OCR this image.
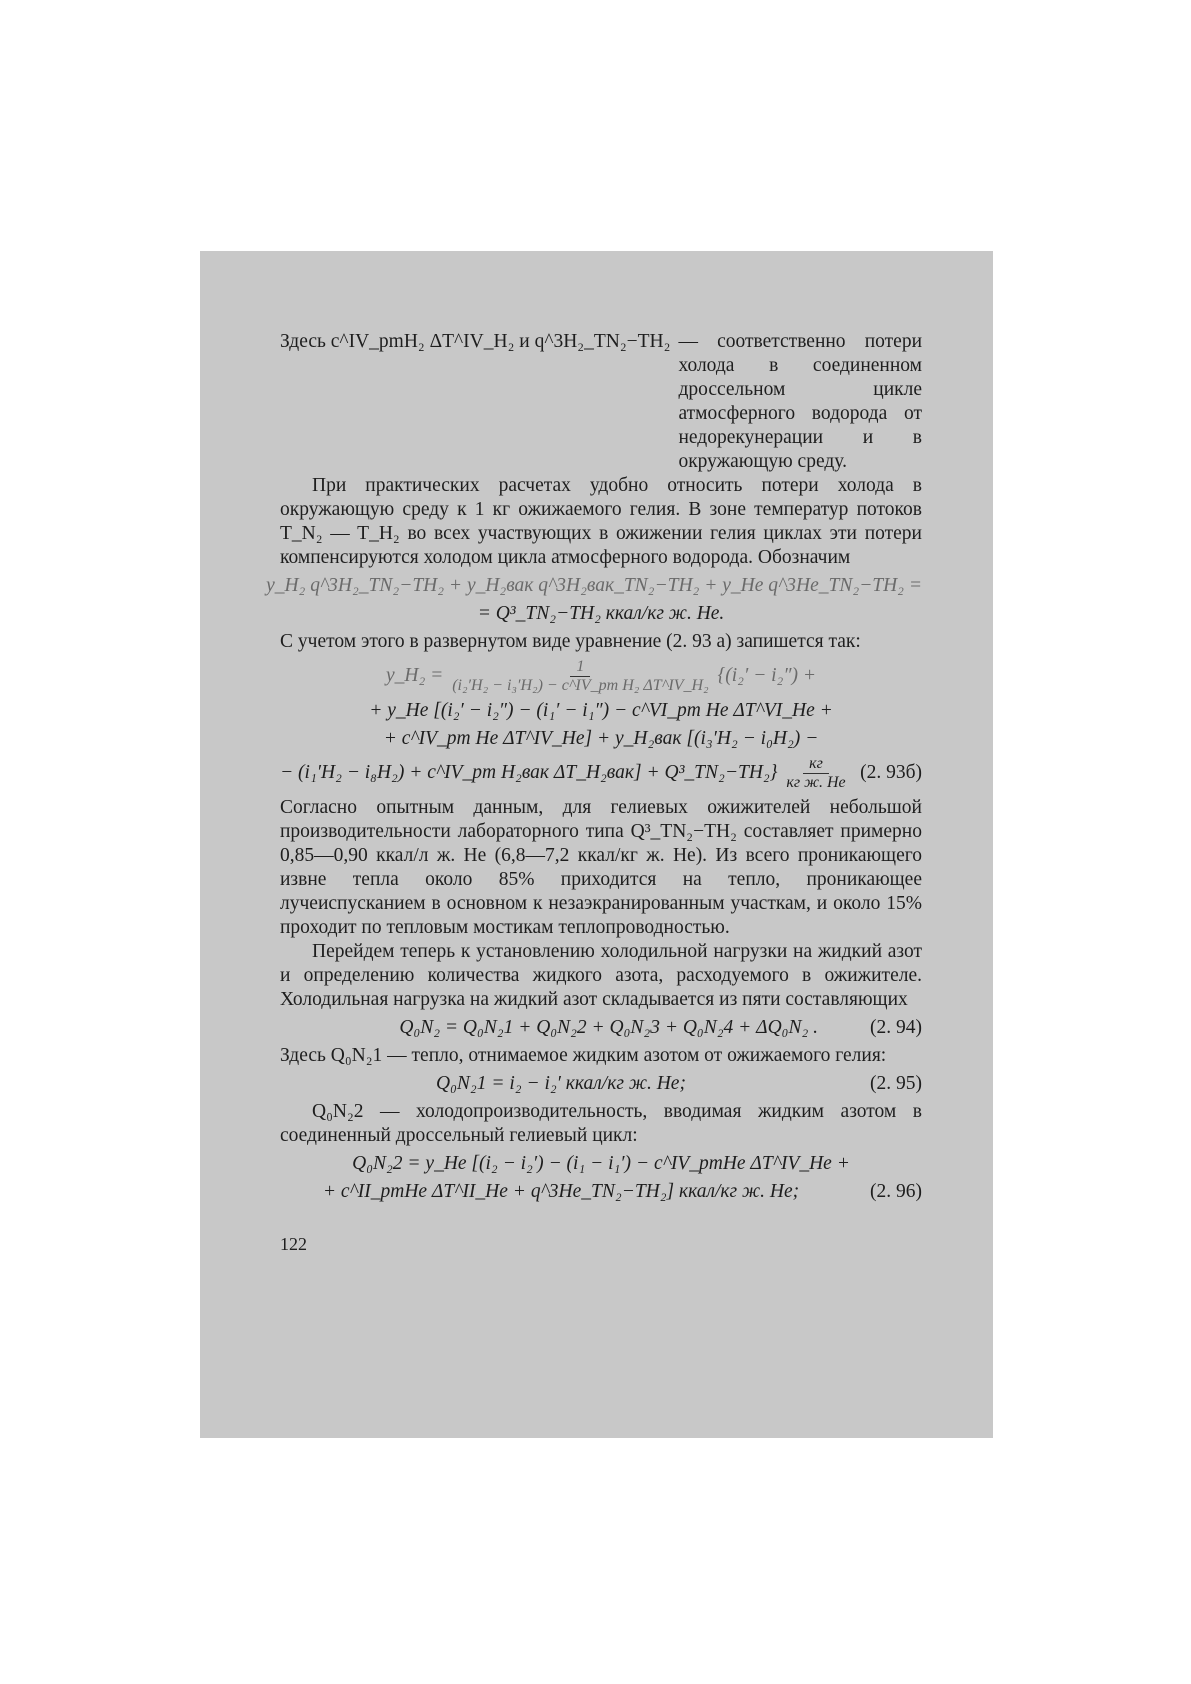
Здесь c^IV_pmH₂ ΔT^IV_H₂ и q^3H₂_TN₂−TH₂ — соответственно потери холода в соединенном дроссельном цикле атмосферного водорода от недорекунерации и в окружающую среду.

При практических расчетах удобно относить потери холода в окружающую среду к 1 кг ожижаемого гелия. В зоне температур потоков T_N₂ — T_H₂ во всех участвующих в ожижении гелия циклах эти потери компенсируются холодом цикла атмосферного водорода. Обозначим

y_H₂ q^3H₂_TN₂−TH₂ + y_H₂вак q^3H₂вак_TN₂−TH₂ + y_He q^3He_TN₂−TH₂ =
= Q³_TN₂−TH₂ ккал/кг ж. Не.

С учетом этого в развернутом виде уравнение (2. 93 а) запишется так:

y_H₂ = $\frac{1}{\text{(i₂′H₂ − i₃′H₂) − c\textasciicircum{}IV\_pm H₂ ΔT\textasciicircum{}IV\_H₂}} \{(i_2' - i_2'')$ +
+ y_He [(i₂′ − i₂″) − (i₁′ − i₁″) − c^VI_pm He ΔT^VI_He +
+ c^IV_pm He ΔT^IV_He] + y_H₂вак [(i₃′H₂ − i₀H₂) −
− (i₁′H₂ − i₈H₂) + c^IV_pm H₂вак ΔT_H₂вак] + Q³_TN₂−TH₂} $\frac{кг}{\text{кг ж. Не}} (2$. 93б)

Согласно опытным данным, для гелиевых ожижителей небольшой производительности лабораторного типа Q³_TN₂−TH₂ составляет примерно 0,85—0,90 ккал/л ж. Не (6,8—7,2 ккал/кг ж. Не). Из всего проникающего извне тепла около 85% приходится на тепло, проникающее лучеиспусканием в основном к незаэкранированным участкам, и около 15% проходит по тепловым мостикам теплопроводностью.

Перейдем теперь к установлению холодильной нагрузки на жидкий азот и определению количества жидкого азота, расходуемого в ожижителе. Холодильная нагрузка на жидкий азот складывается из пяти составляющих

Q₀N₂ = Q₀N₂1 + Q₀N₂2 + Q₀N₂3 + Q₀N₂4 + ΔQ₀N₂ .	(2. 94)

Здесь Q₀N₂1 — тепло, отнимаемое жидким азотом от ожижаемого гелия:

Q₀N₂1 = i₂ − i₂′ ккал/кг ж. Не;	(2. 95)

Q₀N₂2 — холодопроизводительность, вводимая жидким азотом в соединенный дроссельный гелиевый цикл:

Q₀N₂2 = y_He [(i₂ − i₂′) − (i₁ − i₁′) − c^IV_pmHe ΔT^IV_He +
+ c^II_pmHe ΔT^II_He + q^3He_TN₂−TH₂] ккал/кг ж. Не;	(2. 96)
122
